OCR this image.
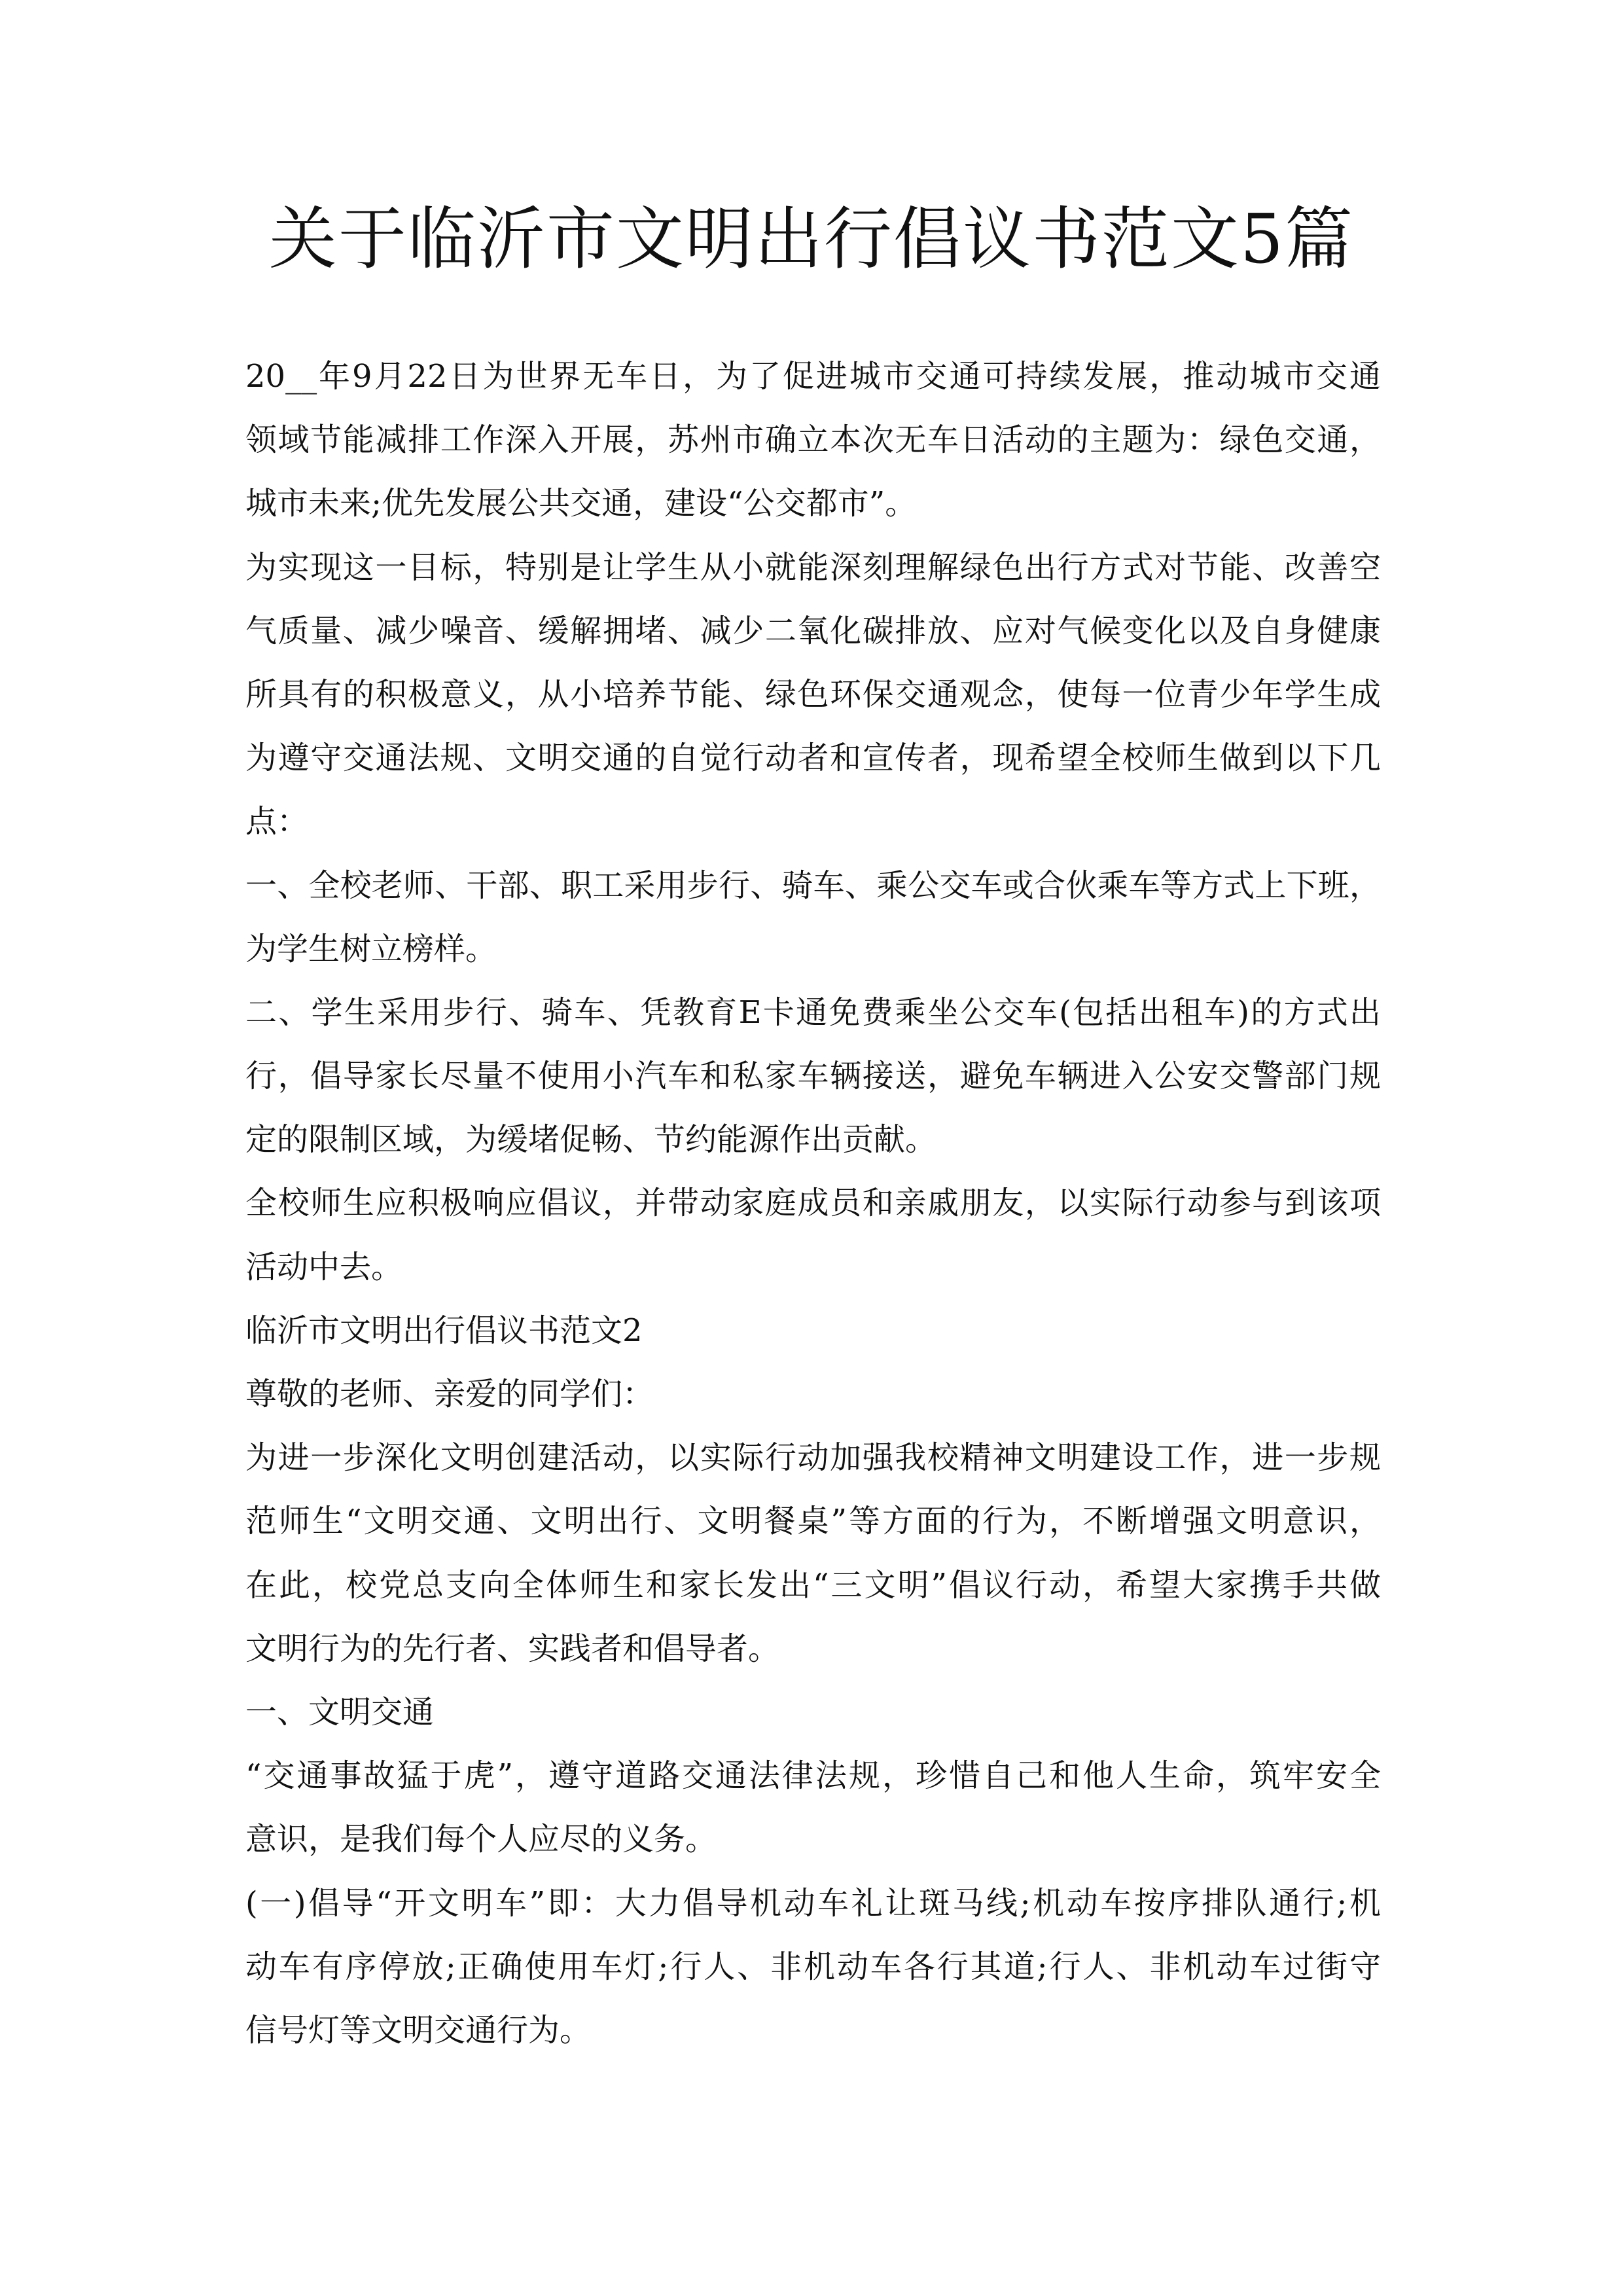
关于临沂市文明出行倡议书范文5篇
20__年9月22日为世界无车日，为了促进城市交通可持续发展，推动城市交通
领域节能减排工作深入开展，苏州市确立本次无车日活动的主题为：绿色交通，
城市未来;优先发展公共交通，建设“公交都市”。
为实现这一目标，特别是让学生从小就能深刻理解绿色出行方式对节能、改善空
气质量、减少噪音、缓解拥堵、减少二氧化碳排放、应对气候变化以及自身健康
所具有的积极意义，从小培养节能、绿色环保交通观念，使每一位青少年学生成
为遵守交通法规、文明交通的自觉行动者和宣传者，现希望全校师生做到以下几
点：
一、全校老师、干部、职工采用步行、骑车、乘公交车或合伙乘车等方式上下班，
为学生树立榜样。
二、学生采用步行、骑车、凭教育E卡通免费乘坐公交车(包括出租车)的方式出
行，倡导家长尽量不使用小汽车和私家车辆接送，避免车辆进入公安交警部门规
定的限制区域，为缓堵促畅、节约能源作出贡献。
全校师生应积极响应倡议，并带动家庭成员和亲戚朋友，以实际行动参与到该项
活动中去。
临沂市文明出行倡议书范文2
尊敬的老师、亲爱的同学们：
为进一步深化文明创建活动，以实际行动加强我校精神文明建设工作，进一步规
范师生“文明交通、文明出行、文明餐桌”等方面的行为，不断增强文明意识，
在此，校党总支向全体师生和家长发出“三文明”倡议行动，希望大家携手共做
文明行为的先行者、实践者和倡导者。
一、文明交通
“交通事故猛于虎”，遵守道路交通法律法规，珍惜自己和他人生命，筑牢安全
意识，是我们每个人应尽的义务。
(一)倡导“开文明车”即：大力倡导机动车礼让斑马线;机动车按序排队通行;机
动车有序停放;正确使用车灯;行人、非机动车各行其道;行人、非机动车过街守
信号灯等文明交通行为。
